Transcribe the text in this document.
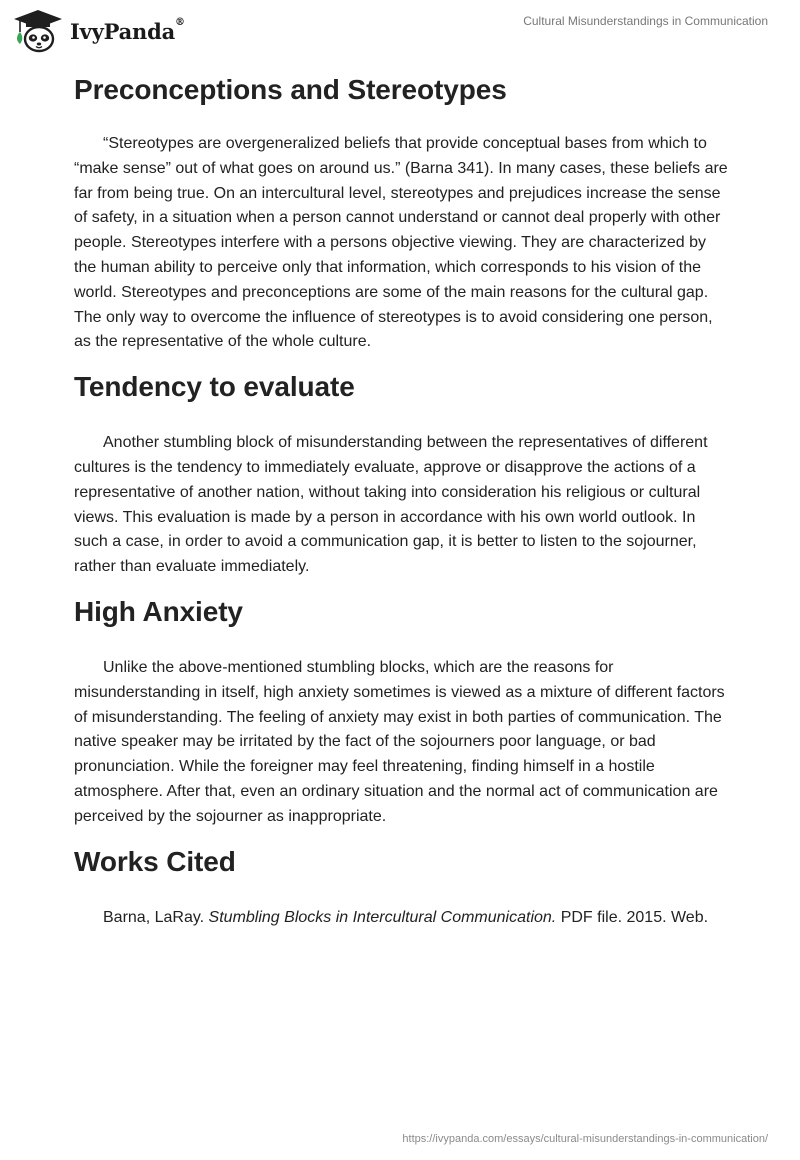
IvyPanda®	Cultural Misunderstandings in Communication
Preconceptions and Stereotypes

“Stereotypes are overgeneralized beliefs that provide conceptual bases from which to “make sense” out of what goes on around us.” (Barna 341). In many cases, these beliefs are far from being true. On an intercultural level, stereotypes and prejudices increase the sense of safety, in a situation when a person cannot understand or cannot deal properly with other people. Stereotypes interfere with a persons objective viewing. They are characterized by the human ability to perceive only that information, which corresponds to his vision of the world. Stereotypes and preconceptions are some of the main reasons for the cultural gap. The only way to overcome the influence of stereotypes is to avoid considering one person, as the representative of the whole culture.

Tendency to evaluate

Another stumbling block of misunderstanding between the representatives of different cultures is the tendency to immediately evaluate, approve or disapprove the actions of a representative of another nation, without taking into consideration his religious or cultural views. This evaluation is made by a person in accordance with his own world outlook. In such a case, in order to avoid a communication gap, it is better to listen to the sojourner, rather than evaluate immediately.

High Anxiety

Unlike the above-mentioned stumbling blocks, which are the reasons for misunderstanding in itself, high anxiety sometimes is viewed as a mixture of different factors of misunderstanding. The feeling of anxiety may exist in both parties of communication. The native speaker may be irritated by the fact of the sojourners poor language, or bad pronunciation. While the foreigner may feel threatening, finding himself in a hostile atmosphere. After that, even an ordinary situation and the normal act of communication are perceived by the sojourner as inappropriate.

Works Cited

Barna, LaRay. Stumbling Blocks in Intercultural Communication. PDF file. 2015. Web.

https://ivypanda.com/essays/cultural-misunderstandings-in-communication/
